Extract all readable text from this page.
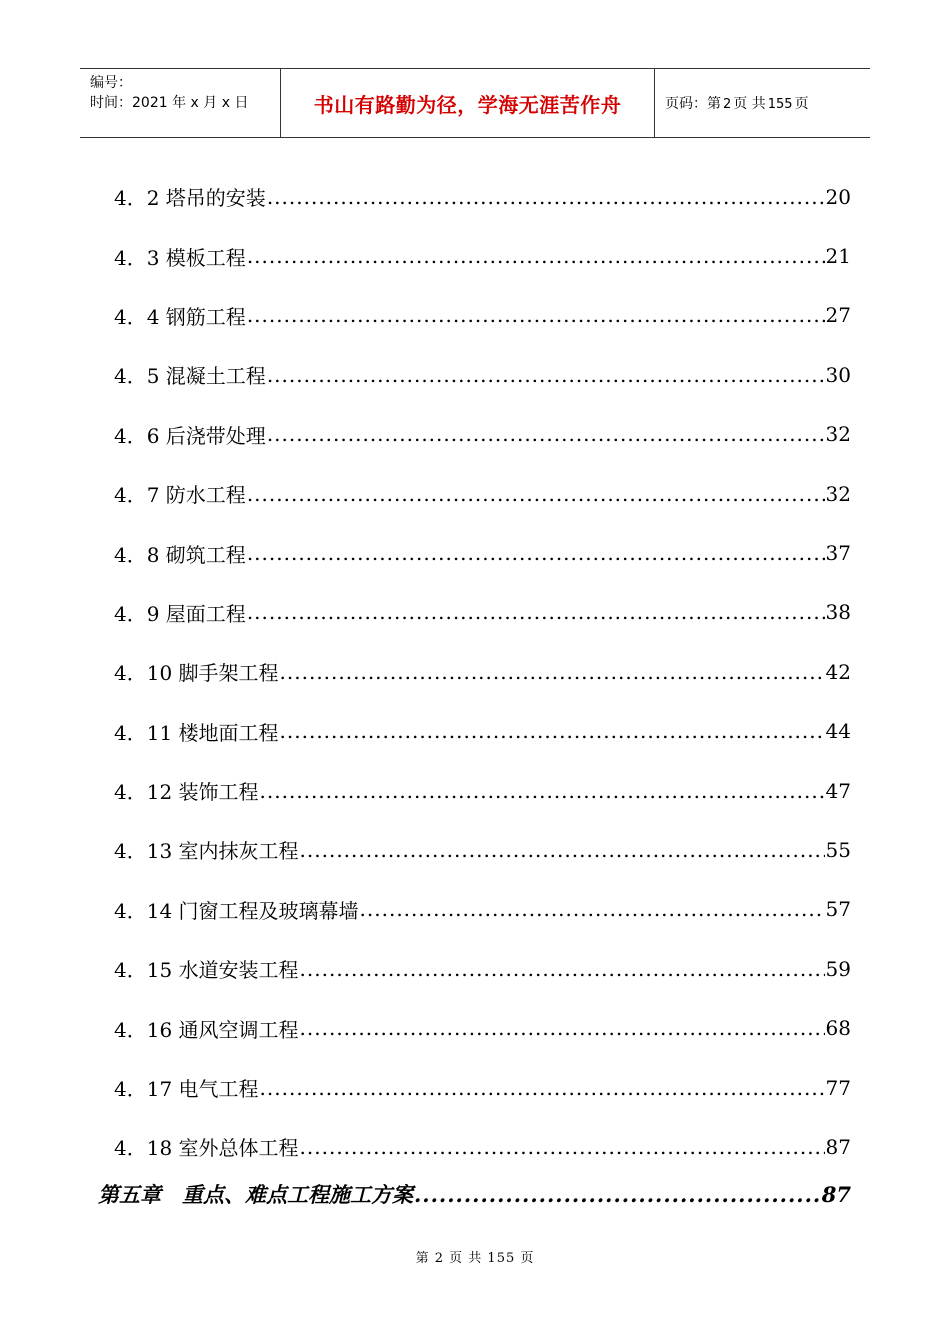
编号：
时间：2021 年 x 月 x 日	书山有路勤为径，学海无涯苦作舟	页码：第 2 页 共 155 页
4．2 塔吊的安装 .....	20
4．3 模板工程 .....	21
4．4 钢筋工程 .....	27
4．5 混凝土工程 .....	30
4．6 后浇带处理 .....	32
4．7 防水工程 .....	32
4．8 砌筑工程 .....	37
4．9 屋面工程 .....	38
4．10 脚手架工程 .....	42
4．11 楼地面工程 .....	44
4．12 装饰工程 .....	47
4．13 室内抹灰工程 .....	55
4．14 门窗工程及玻璃幕墙 .....	57
4．15 水道安装工程 .....	59
4．16 通风空调工程 .....	68
4．17 电气工程 .....	77
4．18 室外总体工程 .....	87
第五章　重点、难点工程施工方案 .....	87
第 2 页 共 155 页
